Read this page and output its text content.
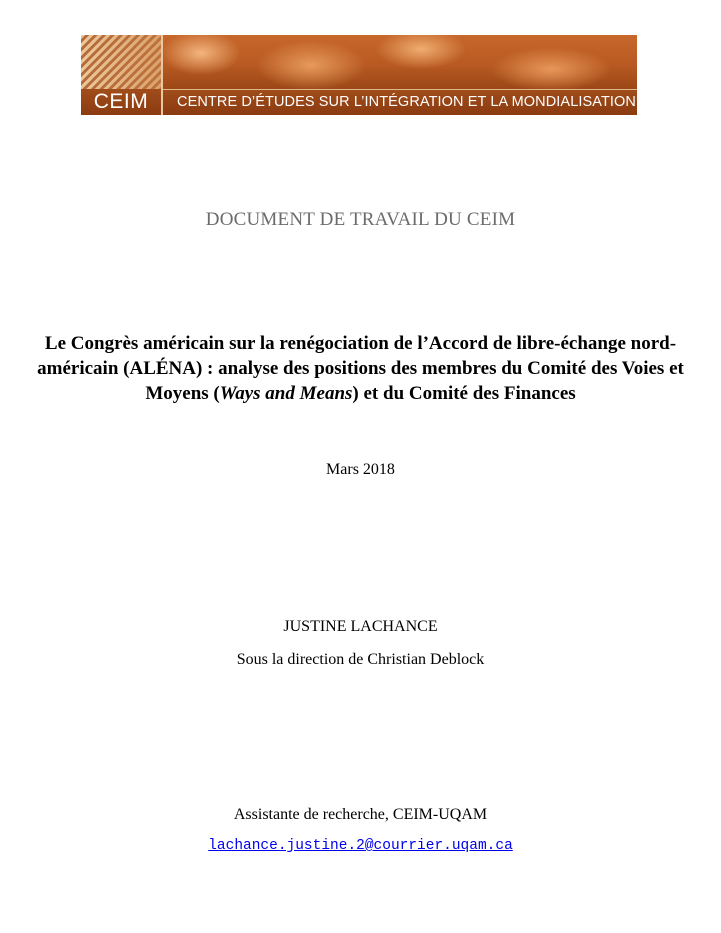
CEIM	CENTRE D’ÉTUDES SUR L’INTÉGRATION ET LA MONDIALISATION
DOCUMENT DE TRAVAIL DU CEIM
Le Congrès américain sur la renégociation de l’Accord de libre-échange nord-américain (ALÉNA) : analyse des positions des membres du Comité des Voies et Moyens (Ways and Means) et du Comité des Finances
Mars 2018
JUSTINE LACHANCE
Sous la direction de Christian Deblock
Assistante de recherche, CEIM-UQAM
lachance.justine.2@courrier.uqam.ca
